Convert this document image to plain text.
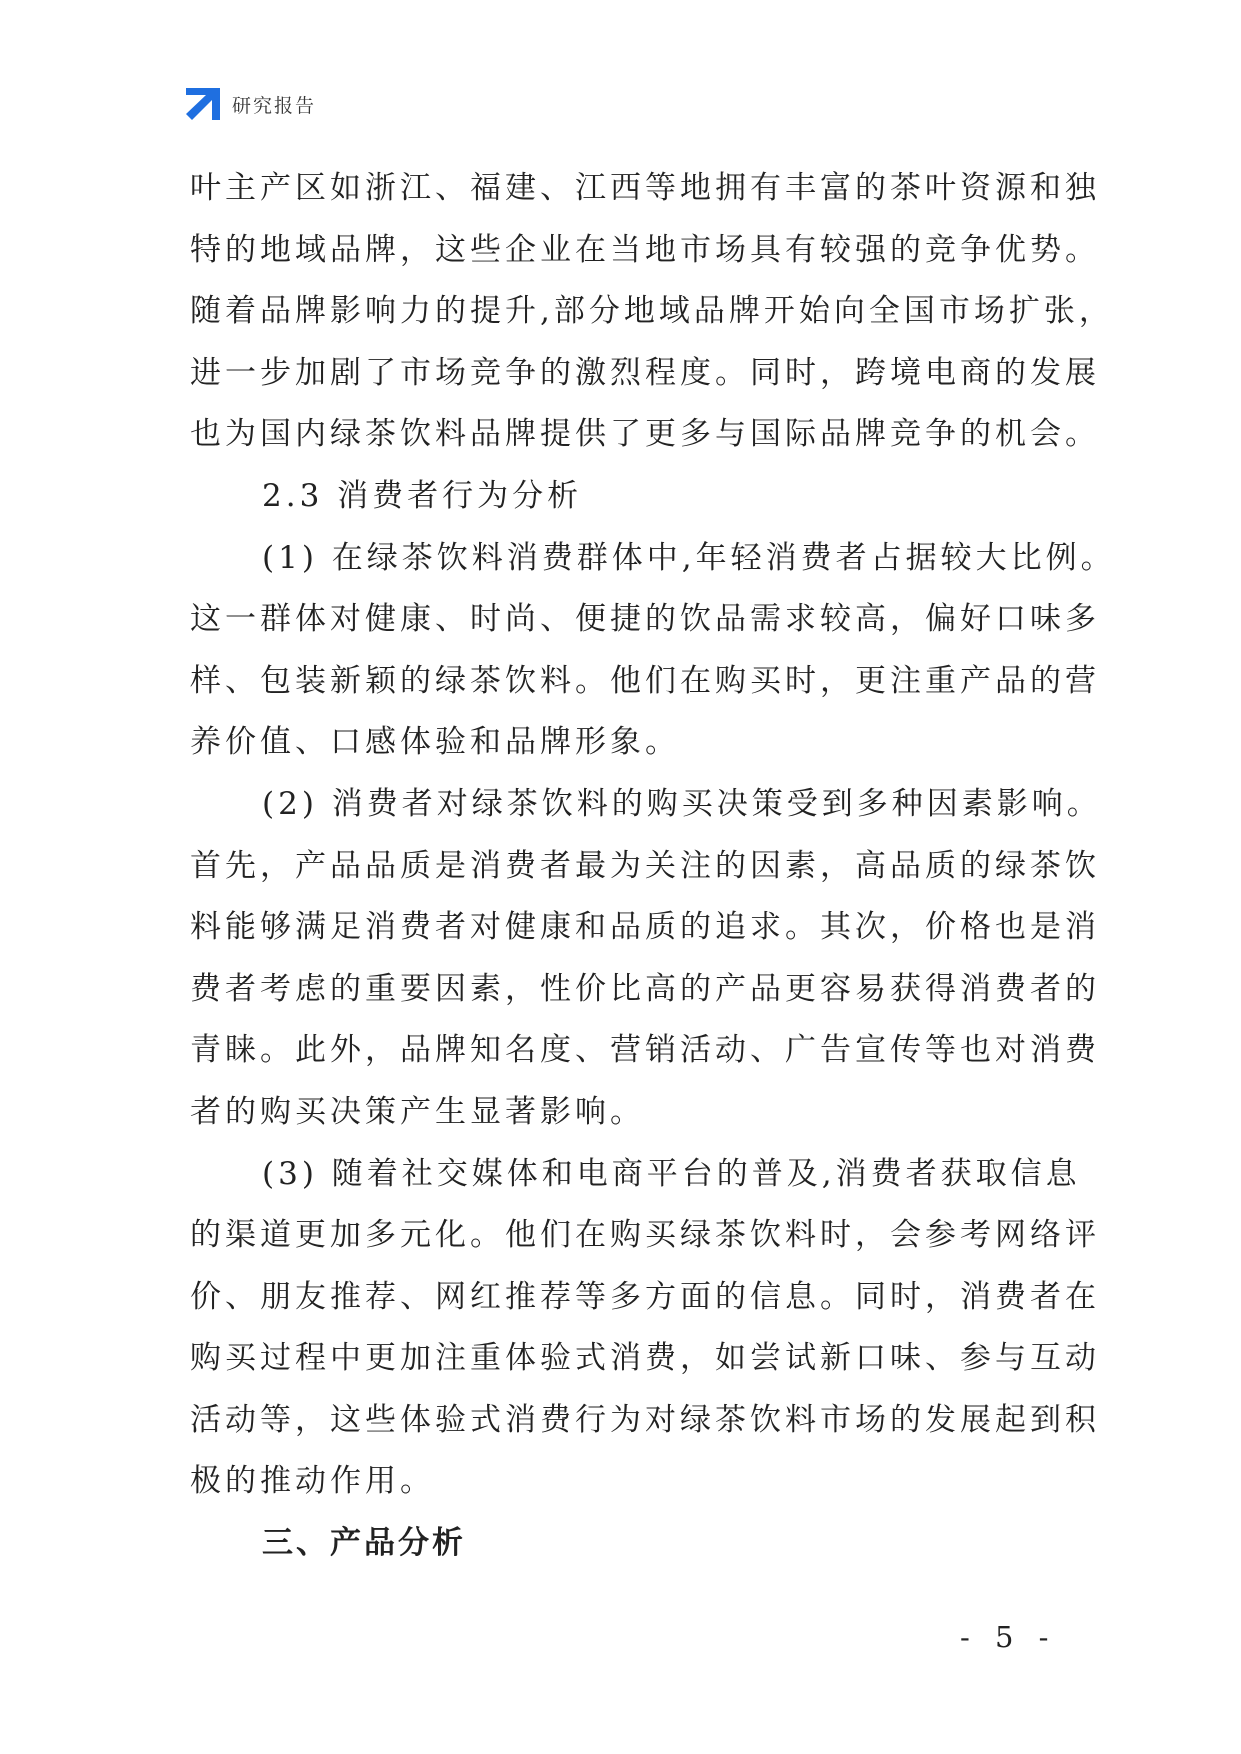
研究报告

叶主产区如浙江、福建、江西等地拥有丰富的茶叶资源和独

特的地域品牌，这些企业在当地市场具有较强的竞争优势。

随着品牌影响力的提升,部分地域品牌开始向全国市场扩张，

进一步加剧了市场竞争的激烈程度。同时，跨境电商的发展

也为国内绿茶饮料品牌提供了更多与国际品牌竞争的机会。

2.3 消费者行为分析

(1) 在绿茶饮料消费群体中,年轻消费者占据较大比例。

这一群体对健康、时尚、便捷的饮品需求较高，偏好口味多

样、包装新颖的绿茶饮料。他们在购买时，更注重产品的营

养价值、口感体验和品牌形象。

(2) 消费者对绿茶饮料的购买决策受到多种因素影响。

首先，产品品质是消费者最为关注的因素，高品质的绿茶饮

料能够满足消费者对健康和品质的追求。其次，价格也是消

费者考虑的重要因素，性价比高的产品更容易获得消费者的

青睐。此外，品牌知名度、营销活动、广告宣传等也对消费

者的购买决策产生显著影响。

(3) 随着社交媒体和电商平台的普及,消费者获取信息

的渠道更加多元化。他们在购买绿茶饮料时，会参考网络评

价、朋友推荐、网红推荐等多方面的信息。同时，消费者在

购买过程中更加注重体验式消费，如尝试新口味、参与互动

活动等，这些体验式消费行为对绿茶饮料市场的发展起到积

极的推动作用。

三、产品分析

- 5 -
